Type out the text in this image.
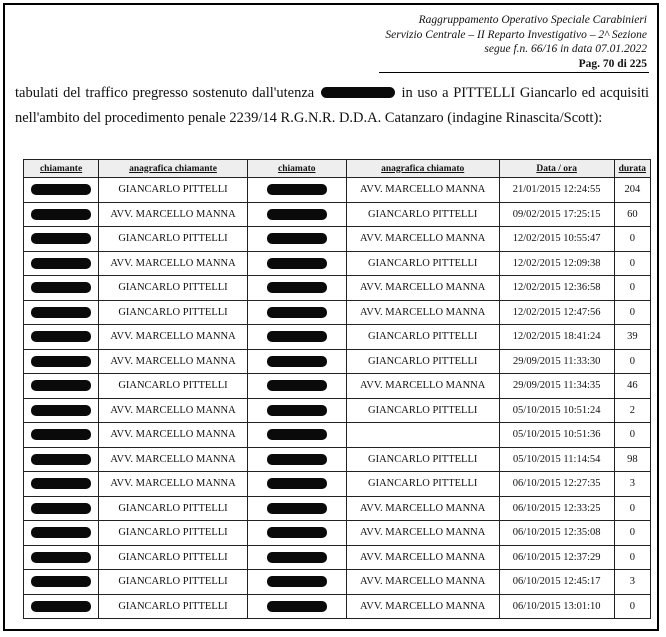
Raggruppamento Operativo Speciale Carabinieri
Servizio Centrale – II Reparto Investigativo – 2^ Sezione
segue f.n. 66/16 in data 07.01.2022
Pag. 70 di 225
tabulati del traffico pregresso sostenuto dall'utenza	in uso a PITTELLI Giancarlo ed acquisiti nell'ambito del procedimento penale 2239/14 R.G.N.R. D.D.A. Catanzaro (indagine Rinascita/Scott):
chiamante	anagrafica chiamante	chiamato	anagrafica chiamato	Data / ora	durata
	GIANCARLO PITTELLI		AVV. MARCELLO MANNA	21/01/2015 12:24:55	204
	AVV. MARCELLO MANNA		GIANCARLO PITTELLI	09/02/2015 17:25:15	60
	GIANCARLO PITTELLI		AVV. MARCELLO MANNA	12/02/2015 10:55:47	0
	AVV. MARCELLO MANNA		GIANCARLO PITTELLI	12/02/2015 12:09:38	0
	GIANCARLO PITTELLI		AVV. MARCELLO MANNA	12/02/2015 12:36:58	0
	GIANCARLO PITTELLI		AVV. MARCELLO MANNA	12/02/2015 12:47:56	0
	AVV. MARCELLO MANNA		GIANCARLO PITTELLI	12/02/2015 18:41:24	39
	AVV. MARCELLO MANNA		GIANCARLO PITTELLI	29/09/2015 11:33:30	0
	GIANCARLO PITTELLI		AVV. MARCELLO MANNA	29/09/2015 11:34:35	46
	AVV. MARCELLO MANNA		GIANCARLO PITTELLI	05/10/2015 10:51:24	2
	AVV. MARCELLO MANNA			05/10/2015 10:51:36	0
	AVV. MARCELLO MANNA		GIANCARLO PITTELLI	05/10/2015 11:14:54	98
	AVV. MARCELLO MANNA		GIANCARLO PITTELLI	06/10/2015 12:27:35	3
	GIANCARLO PITTELLI		AVV. MARCELLO MANNA	06/10/2015 12:33:25	0
	GIANCARLO PITTELLI		AVV. MARCELLO MANNA	06/10/2015 12:35:08	0
	GIANCARLO PITTELLI		AVV. MARCELLO MANNA	06/10/2015 12:37:29	0
	GIANCARLO PITTELLI		AVV. MARCELLO MANNA	06/10/2015 12:45:17	3
	GIANCARLO PITTELLI		AVV. MARCELLO MANNA	06/10/2015 13:01:10	0
